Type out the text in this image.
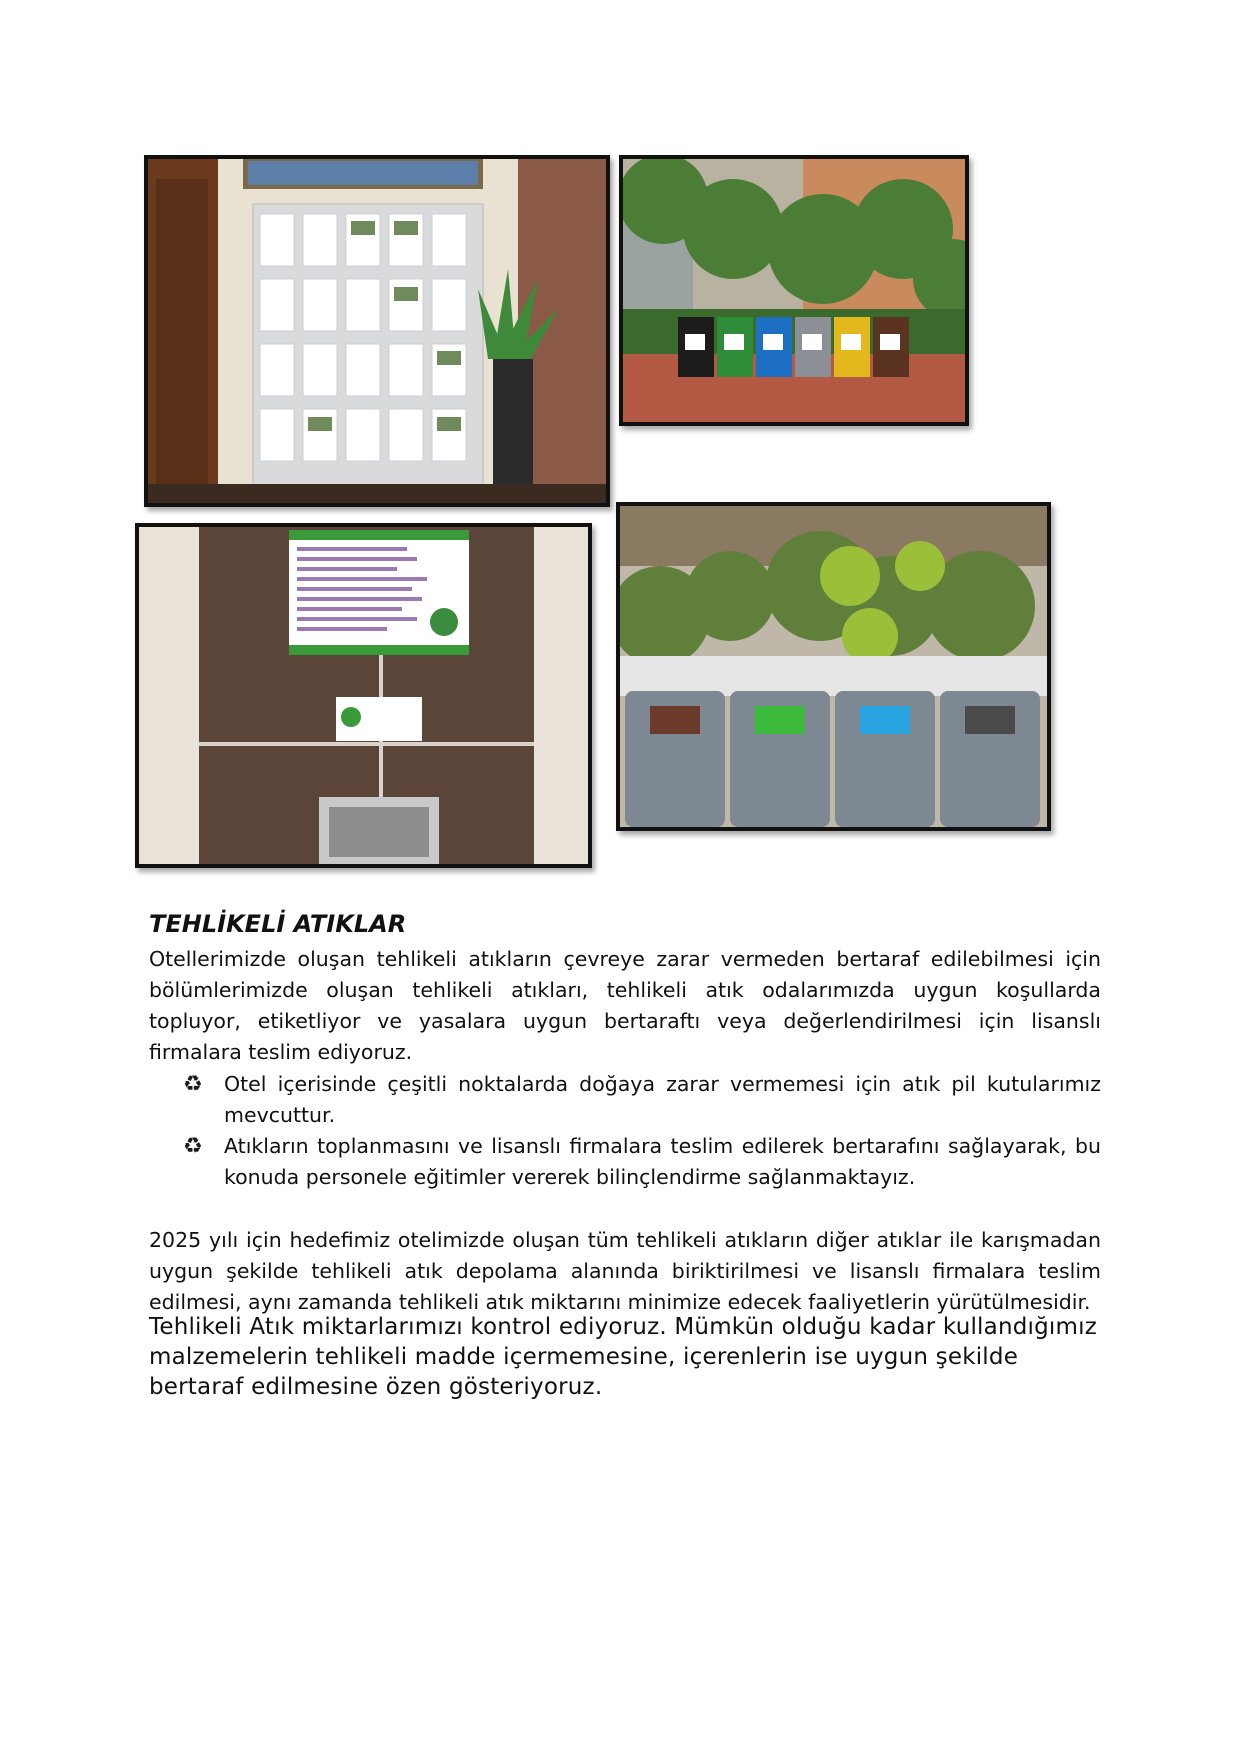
TEHLİKELİ ATIKLAR

Otellerimizde oluşan tehlikeli atıkların çevreye zarar vermeden bertaraf edilebilmesi için bölümlerimizde oluşan tehlikeli atıkları, tehlikeli atık odalarımızda uygun koşullarda topluyor, etiketliyor ve yasalara uygun bertaraftı veya değerlendirilmesi için lisanslı firmalara teslim ediyoruz.

♻ Otel içerisinde çeşitli noktalarda doğaya zarar vermemesi için atık pil kutularımız mevcuttur.
♻ Atıkların toplanmasını ve lisanslı firmalara teslim edilerek bertarafını sağlayarak, bu konuda personele eğitimler vererek bilinçlendirme sağlanmaktayız.

2025 yılı için hedefimiz otelimizde oluşan tüm tehlikeli atıkların diğer atıklar ile karışmadan uygun şekilde tehlikeli atık depolama alanında biriktirilmesi ve lisanslı firmalara teslim edilmesi, aynı zamanda tehlikeli atık miktarını minimize edecek faaliyetlerin yürütülmesidir.

Tehlikeli Atık miktarlarımızı kontrol ediyoruz. Mümkün olduğu kadar kullandığımız malzemelerin tehlikeli madde içermemesine, içerenlerin ise uygun şekilde bertaraf edilmesine özen gösteriyoruz.
